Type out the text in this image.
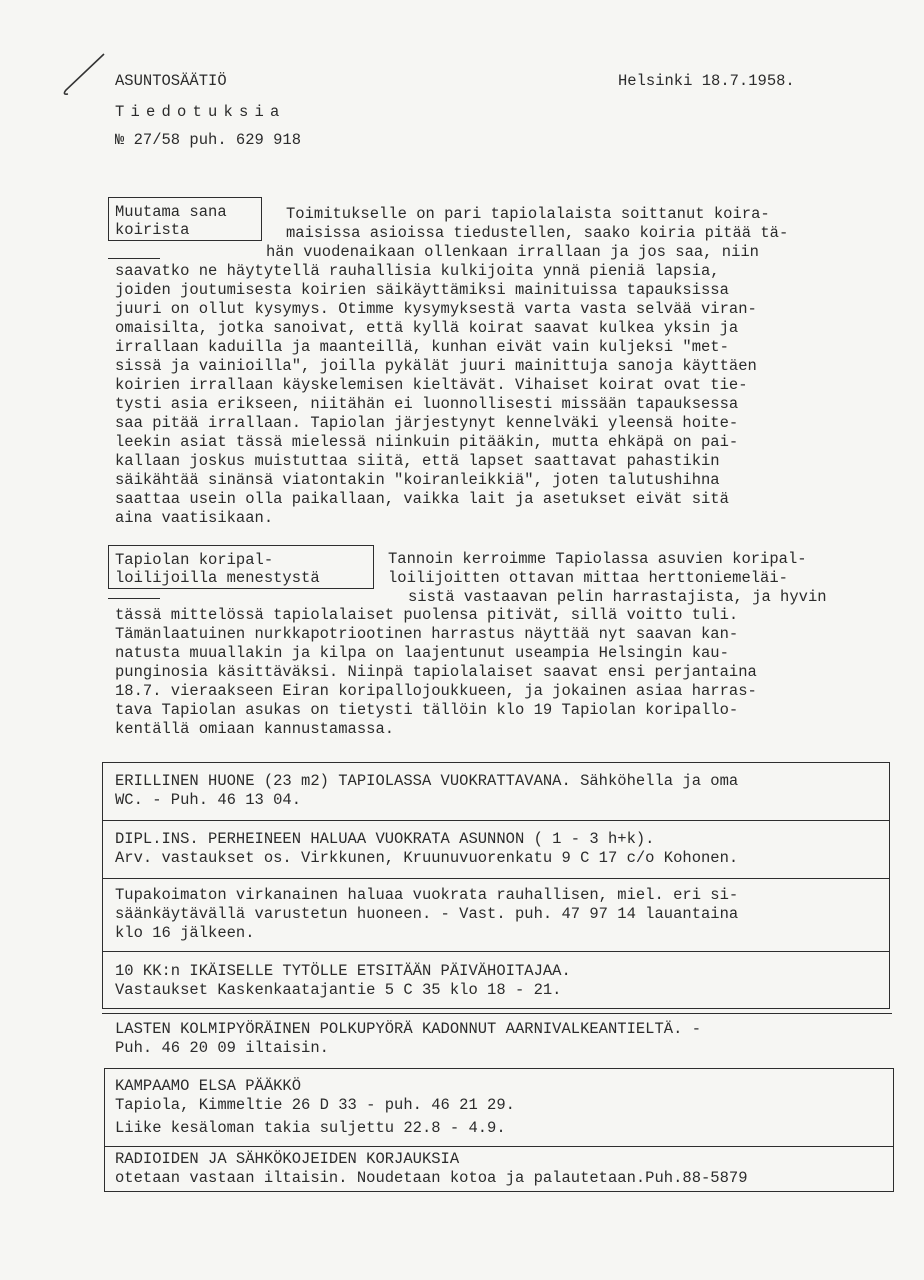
ASUNTOSÄÄTIÖ
Tiedotuksia
№ 27/58 puh. 629 918
Helsinki 18.7.1958.
Muutama sana
koirista
Toimitukselle on pari tapiolalaista soittanut koira-
maisissa asioissa tiedustellen, saako koiria pitää tä-
hän vuodenaikaan ollenkaan irrallaan ja jos saa, niin
saavatko ne häytytellä rauhallisia kulkijoita ynnä pieniä lapsia,
joiden joutumisesta koirien säikäyttämiksi mainituissa tapauksissa
juuri on ollut kysymys. Otimme kysymyksestä varta vasta selvää viran-
omaisilta, jotka sanoivat, että kyllä koirat saavat kulkea yksin ja
irrallaan kaduilla ja maanteillä, kunhan eivät vain kuljeksi "met-
sissä ja vainioilla", joilla pykälät juuri mainittuja sanoja käyttäen
koirien irrallaan käyskelemisen kieltävät. Vihaiset koirat ovat tie-
tysti asia erikseen, niitähän ei luonnollisesti missään tapauksessa
saa pitää irrallaan. Tapiolan järjestynyt kennelväki yleensä hoite-
leekin asiat tässä mielessä niinkuin pitääkin, mutta ehkäpä on pai-
kallaan joskus muistuttaa siitä, että lapset saattavat pahastikin
säikähtää sinänsä viatontakin "koiranleikkiä", joten talutushihna
saattaa usein olla paikallaan, vaikka lait ja asetukset eivät sitä
aina vaatisikaan.
Tapiolan koripal-
loilijoilla menestystä
Tannoin kerroimme Tapiolassa asuvien koripal-
loilijoitten ottavan mittaa herttoniemeläi-
sistä vastaavan pelin harrastajista, ja hyvin
tässä mittelössä tapiolalaiset puolensa pitivät, sillä voitto tuli.
Tämänlaatuinen nurkkapotriootinen harrastus näyttää nyt saavan kan-
natusta muuallakin ja kilpa on laajentunut useampia Helsingin kau-
punginosia käsittäväksi. Niinpä tapiolalaiset saavat ensi perjantaina
18.7. vieraakseen Eiran koripallojoukkueen, ja jokainen asiaa harras-
tava Tapiolan asukas on tietysti tällöin klo 19 Tapiolan koripallo-
kentällä omiaan kannustamassa.
ERILLINEN HUONE (23 m2) TAPIOLASSA VUOKRATTAVANA. Sähköhella ja oma
WC. - Puh. 46 13 04.
DIPL.INS. PERHEINEEN HALUAA VUOKRATA ASUNNON ( 1 - 3 h+k).
Arv. vastaukset os. Virkkunen, Kruunuvuorenkatu 9 C 17 c/o Kohonen.
Tupakoimaton virkanainen haluaa vuokrata rauhallisen, miel. eri si-
säänkäytävällä varustetun huoneen. - Vast. puh. 47 97 14 lauantaina
klo 16 jälkeen.
10 KK:n IKÄISELLE TYTÖLLE ETSITÄÄN PÄIVÄHOITAJAA.
Vastaukset Kaskenkaatajantie 5 C 35 klo 18 - 21.
LASTEN KOLMIPYÖRÄINEN POLKUPYÖRÄ KADONNUT AARNIVALKEANTIELTÄ. -
Puh. 46 20 09 iltaisin.
KAMPAAMO ELSA PÄÄKKÖ
Tapiola, Kimmeltie 26 D 33 - puh. 46 21 29.
Liike kesäloman takia suljettu 22.8 - 4.9.
RADIOIDEN JA SÄHKÖKOJEIDEN KORJAUKSIA
otetaan vastaan iltaisin. Noudetaan kotoa ja palautetaan.Puh.88-5879
